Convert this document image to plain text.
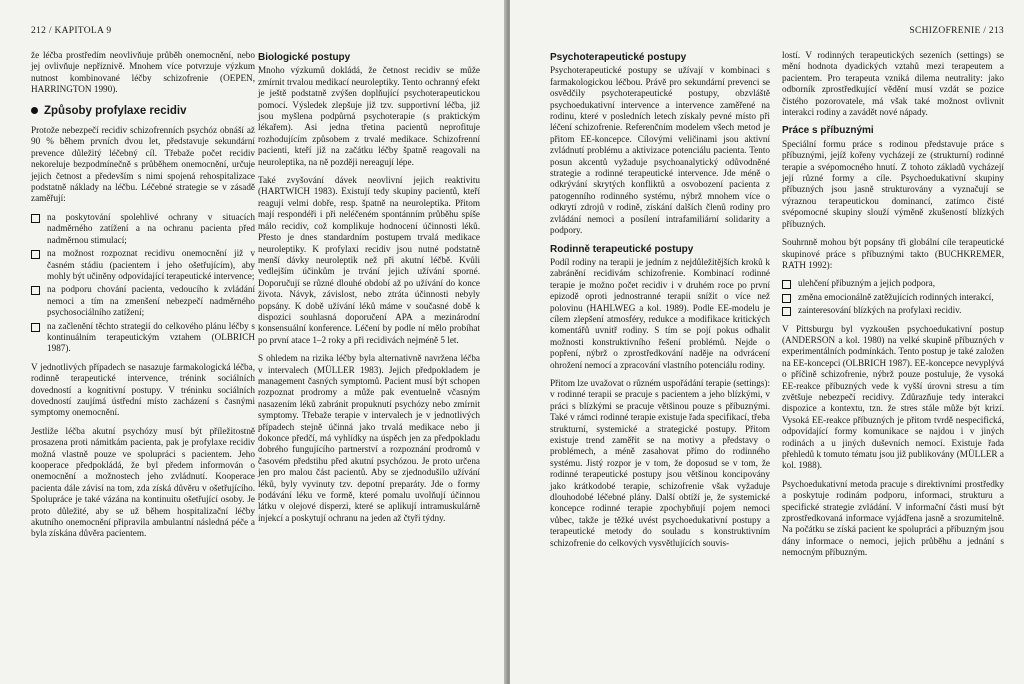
212 / KAPITOLA 9

že léčba prostředím neovlivňuje průběh onemocnění, nebo jej ovlivňuje nepříznivě. Mnohem více potvrzuje výzkum nutnost kombinované léčby schizofrenie (OEPEN, HARRINGTON 1990).

Způsoby profylaxe recidiv

Protože nebezpečí recidiv schizofrenních psychóz obnáší až 90 % během prvních dvou let, představuje sekundární prevence důležitý léčebný cíl. Třebaže počet recidiv nekoreluje bezpodmínečně s průběhem onemocnění, určuje jejich četnost a především s nimi spojená rehospitalizace podstatně náklady na léčbu. Léčebné strategie se v zásadě zaměřují:

na poskytování spolehlivé ochrany v situacích nadměrného zatížení a na ochranu pacienta před nadměrnou stimulací;
na možnost rozpoznat recidivu onemocnění již v časném stádiu (pacientem i jeho ošetřujícím), aby mohly být učiněny odpovídající terapeutické intervence;
na podporu chování pacienta, vedoucího k zvládání nemoci a tím na zmenšení nebezpečí nadměrného psychosociálního zatížení;
na začlenění těchto strategií do celkového plánu léčby s kontinuálním terapeutickým vztahem (OLBRICH 1987).

V jednotlivých případech se nasazuje farmakologická léčba, rodinně terapeutické intervence, trénink sociálních dovedností a kognitivní postupy. V tréninku sociálních dovedností zaujímá ústřední místo zacházení s časnými symptomy onemocnění.

Jestliže léčba akutní psychózy musí být příležitostně prosazena proti námitkám pacienta, pak je profylaxe recidiv možná vlastně pouze ve spolupráci s pacientem. Jeho kooperace předpokládá, že byl předem informován o onemocnění a možnostech jeho zvládnutí. Kooperace pacienta dále závisí na tom, zda získá důvěru v ošetřujícího. Spolupráce je také vázána na kontinuitu ošetřující osoby. Je proto důležité, aby se už během hospitalizační léčby akutního onemocnění připravila ambulantní následná péče a byla získána důvěra pacientem.

Biologické postupy

Mnoho výzkumů dokládá, že četnost recidiv se může zmírnit trvalou medikací neuroleptiky. Tento ochranný efekt je ještě podstatně zvýšen doplňující psychoterapeutickou pomocí. Výsledek zlepšuje již tzv. supportivní léčba, již jsou myšlena podpůrná psychoterapie (s praktickým lékařem). Asi jedna třetina pacientů neprofituje rozhodujícím způsobem z trvalé medikace. Schizofrenní pacienti, kteří již na začátku léčby špatně reagovali na neuroleptika, na ně později nereagují lépe.

Také zvyšování dávek neovlivní jejich reaktivitu (HARTWICH 1983). Existují tedy skupiny pacientů, kteří reagují velmi dobře, resp. špatně na neuroleptika. Přitom mají respondéři i při neléčeném spontánním průběhu spíše málo recidiv, což komplikuje hodnocení účinnosti léků. Přesto je dnes standardním postupem trvalá medikace neuroleptiky. K profylaxi recidiv jsou nutné podstatně menší dávky neuroleptik než při akutní léčbě. Kvůli vedlejším účinkům je trvání jejich užívání sporné. Doporučují se různé dlouhé období až po užívání do konce života. Návyk, závislost, nebo ztráta účinnosti nebyly popsány. K době užívání léků máme v současné době k dispozici souhlasná doporučení APA a mezinárodní konsensuální konference. Léčení by podle ní mělo probíhat po první atace 1–2 roky a při recidivách nejméně 5 let.

S ohledem na rizika léčby byla alternativně navržena léčba v intervalech (MÜLLER 1983). Jejich předpokladem je management časných symptomů. Pacient musí být schopen rozpoznat prodromy a může pak eventuelně včasným nasazením léků zabránit propuknutí psychózy nebo zmírnit symptomy. Třebaže terapie v intervalech je v jednotlivých případech stejně účinná jako trvalá medikace nebo ji dokonce předčí, má vyhlídky na úspěch jen za předpokladu dobrého fungujícího partnerství a rozpoznání prodromů v časovém předstihu před akutní psychózou. Je proto určena jen pro malou část pacientů. Aby se zjednodušilo užívání léků, byly vyvinuty tzv. depotní preparáty. Jde o formy podávání léku ve formě, které pomalu uvolňují účinnou látku v olejové disperzi, které se aplikují intramuskulárně injekcí a poskytují ochranu na jeden až čtyři týdny.

SCHIZOFRENIE / 213
Psychoterapeutické postupy

Psychoterapeutické postupy se užívají v kombinaci s farmakologickou léčbou. Právě pro sekundární prevenci se osvědčily psychoterapeutické postupy, obzvláště psychoedukativní intervence a intervence zaměřené na rodinu, které v posledních letech získaly pevné místo při léčení schizofrenie. Referenčním modelem všech metod je přitom EE-koncepce. Cílovými veličinami jsou aktivní zvládnutí problému a aktivizace potenciálu pacienta. Tento posun akcentů vyžaduje psychoanalytický odůvodněné strategie a rodinné terapeutické intervence. Jde méně o odkrývání skrytých konfliktů a osvobození pacienta z patogenního rodinného systému, nýbrž mnohem více o odkrytí zdrojů v rodině, získání dalších členů rodiny pro zvládání nemoci a posílení intrafamiliární solidarity a podpory.

Rodinně terapeutické postupy

Podíl rodiny na terapii je jedním z nejdůležitějších kroků k zabránění recidivám schizofrenie. Kombinací rodinné terapie je možno počet recidiv i v druhém roce po první epizodě oproti jednostranné terapii snížit o více než polovinu (HAHLWEG a kol. 1989). Podle EE-modelu je cílem zlepšení atmosféry, redukce a modifikace kritických komentářů uvnitř rodiny. S tím se pojí pokus odhalit možnosti konstruktivního řešení problémů. Nejde o popření, nýbrž o zprostředkování naděje na odvrácení ohrožení nemocí a zpracování vlastního potenciálu rodiny.

Přitom lze uvažovat o různém uspořádání terapie (settings): v rodinné terapii se pracuje s pacientem a jeho blízkými, v práci s blízkými se pracuje většinou pouze s příbuznými. Také v rámci rodinné terapie existuje řada specifikací, třeba strukturní, systemické a strategické postupy. Přitom existuje trend zaměřit se na motivy a představy o problémech, a méně zasahovat přímo do rodinného systému. Jistý rozpor je v tom, že doposud se v tom, že rodinné terapeutické postupy jsou většinou koncipovány jako krátkodobé terapie, schizofrenie však vyžaduje dlouhodobé léčebné plány. Další obtíží je, že systemické koncepce rodinné terapie zpochybňují pojem nemoci vůbec, takže je těžké uvést psychoedukativní postupy a terapeutické metody do souladu s konstruktivním schizofrenie do celkových vysvětlujících souvis-

lostí. V rodinných terapeutických sezeních (settings) se mění hodnota dyadických vztahů mezi terapeutem a pacientem. Pro terapeuta vzniká dilema neutrality: jako odborník zprostředkující vědění musí vzdát se pozice čistého pozorovatele, má však také možnost ovlivnit interakci rodiny a zavádět nové nápady.

Práce s příbuznými

Speciální formu práce s rodinou představuje práce s příbuznými, jejíž kořeny vycházejí ze (strukturní) rodinné terapie a svépomocného hnutí. Z tohoto základů vycházejí její různé formy a cíle. Psychoedukativní skupiny příbuzných jsou jasně strukturovány a vyznačují se výraznou terapeutickou dominancí, zatímco čisté svépomocné skupiny slouží výměně zkušeností blízkých příbuzných.

Souhrnně mohou být popsány tři globální cíle terapeutické skupinové práce s příbuznými takto (BUCHKREMER, RATH 1992):

ulehčení příbuzným a jejich podpora,
změna emocionálně zatěžujících rodinných interakcí,
zainteresování blízkých na profylaxi recidiv.

V Pittsburgu byl vyzkoušen psychoedukativní postup (ANDERSON a kol. 1980) na velké skupině příbuzných v experimentálních podmínkách. Tento postup je také založen na EE-koncepci (OLBRICH 1987). EE-koncepce nevyplývá o příčině schizofrenie, nýbrž pouze postuluje, že vysoká EE-reakce příbuzných vede k vyšší úrovni stresu a tím zvětšuje nebezpečí recidivy. Zdůrazňuje tedy interakci dispozice a kontextu, tzn. že stres stále může být krizí. Vysoká EE-reakce příbuzných je přitom tvrdě nespecifická, odpovídající formy komunikace se najdou i v jiných rodinách a u jiných duševních nemocí. Existuje řada přehledů k tomuto tématu jsou již publikovány (MÜLLER a kol. 1988).

Psychoedukativní metoda pracuje s direktivními prostředky a poskytuje rodinám podporu, informaci, strukturu a specifické strategie zvládání. V informační části musí být zprostředkovaná informace vyjádřena jasně a srozumitelně. Na počátku se získá pacient ke spolupráci a příbuzným jsou dány informace o nemoci, jejich průběhu a jednání s nemocným příbuzným.
